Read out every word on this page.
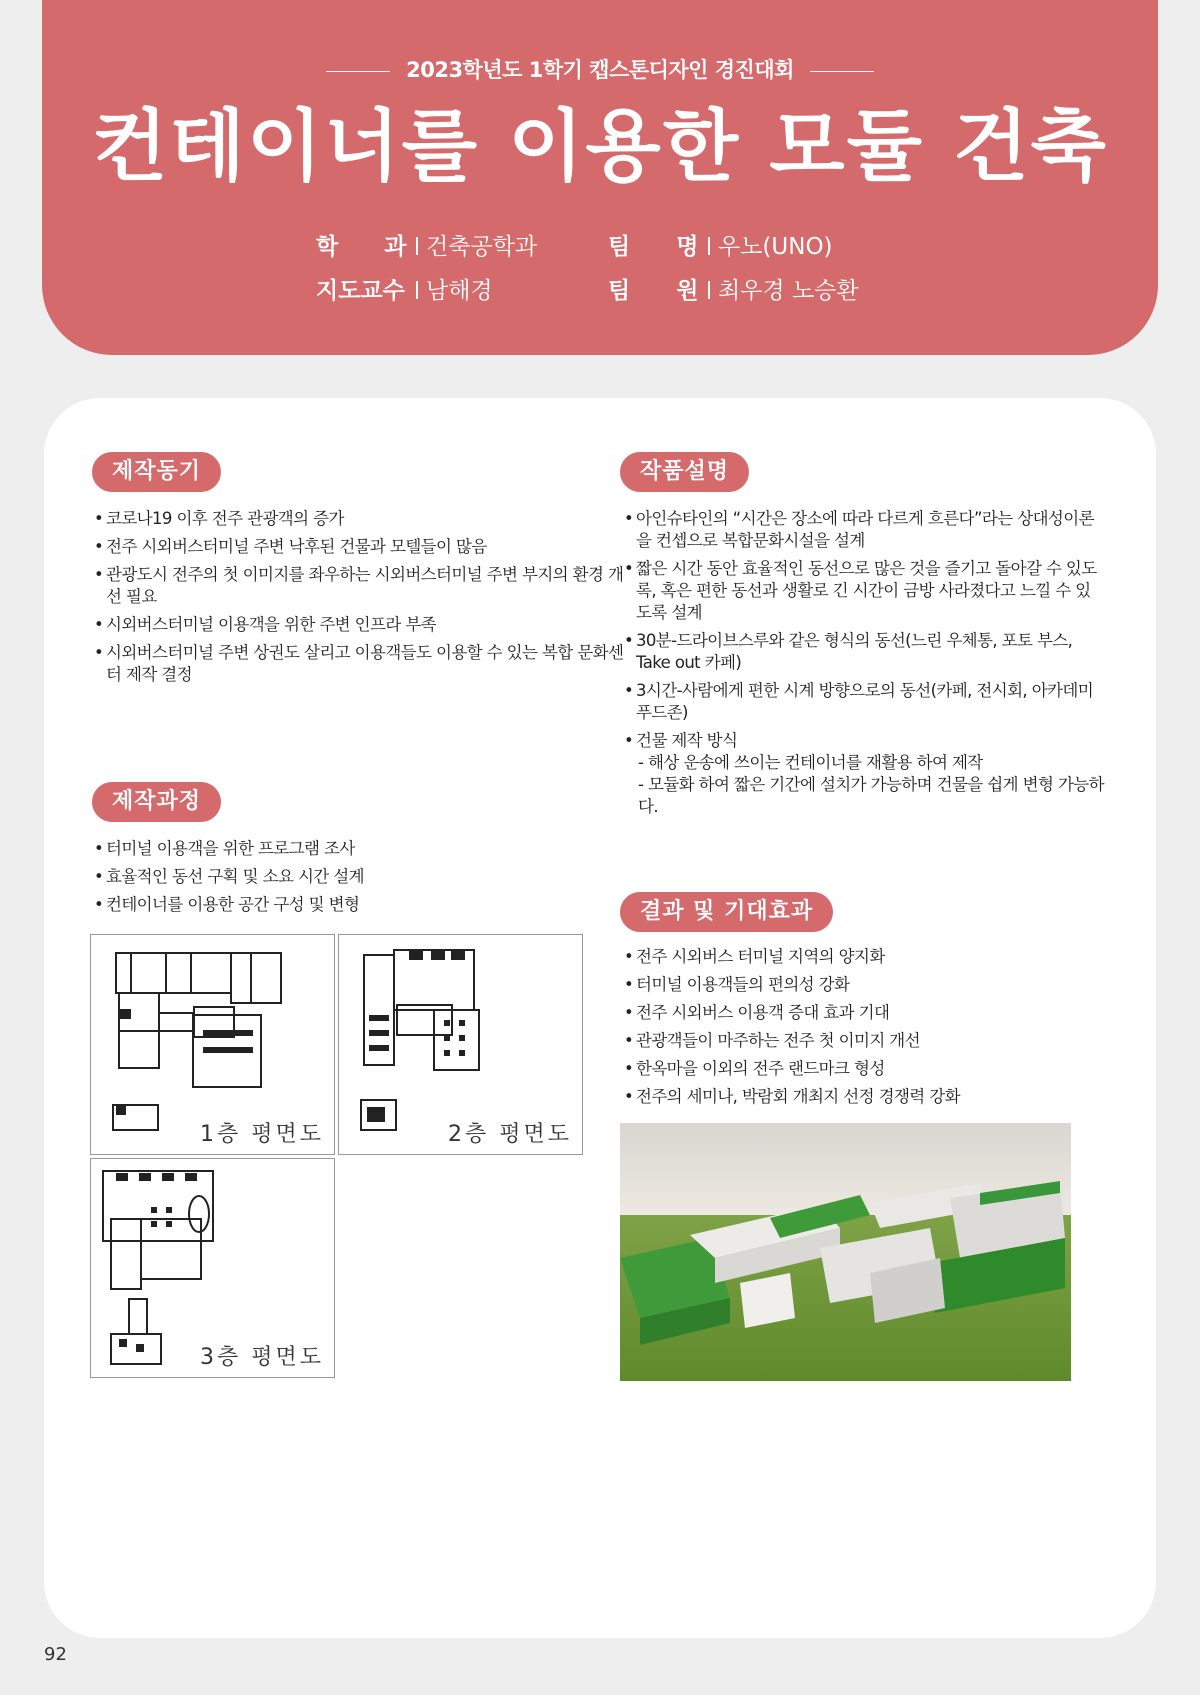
2023학년도 1학기 캡스톤디자인 경진대회
컨테이너를 이용한 모듈 건축
학　　과 건축공학과
지도교수 남해경
팀　　명 우노(UNO)
팀　　원 최우경 노승환
제작동기
• 코로나19 이후 전주 관광객의 증가
• 전주 시외버스터미널 주변 낙후된 건물과 모텔들이 많음
• 관광도시 전주의 첫 이미지를 좌우하는 시외버스터미널 주변 부지의 환경 개선 필요
• 시외버스터미널 이용객을 위한 주변 인프라 부족
• 시외버스터미널 주변 상권도 살리고 이용객들도 이용할 수 있는 복합 문화센터 제작 결정
제작과정
• 터미널 이용객을 위한 프로그램 조사
• 효율적인 동선 구획 및 소요 시간 설계
• 컨테이너를 이용한 공간 구성 및 변형
1층 평면도	2층 평면도
3층 평면도
작품설명
• 아인슈타인의 “시간은 장소에 따라 다르게 흐른다”라는 상대성이론을 컨셉으로 복합문화시설을 설계
• 짧은 시간 동안 효율적인 동선으로 많은 것을 즐기고 돌아갈 수 있도록, 혹은 편한 동선과 생활로 긴 시간이 금방 사라졌다고 느낄 수 있도록 설계
• 30분-드라이브스루와 같은 형식의 동선(느린 우체통, 포토 부스, Take out 카페)
• 3시간-사람에게 편한 시계 방향으로의 동선(카페, 전시회, 아카데미 푸드존)
• 건물 제작 방식
- 해상 운송에 쓰이는 컨테이너를 재활용 하여 제작
- 모듈화 하여 짧은 기간에 설치가 가능하며 건물을 쉽게 변형 가능하다.
결과 및 기대효과
• 전주 시외버스 터미널 지역의 양지화
• 터미널 이용객들의 편의성 강화
• 전주 시외버스 이용객 증대 효과 기대
• 관광객들이 마주하는 전주 첫 이미지 개선
• 한옥마을 이외의 전주 랜드마크 형성
• 전주의 세미나, 박람회 개최지 선정 경쟁력 강화
92
